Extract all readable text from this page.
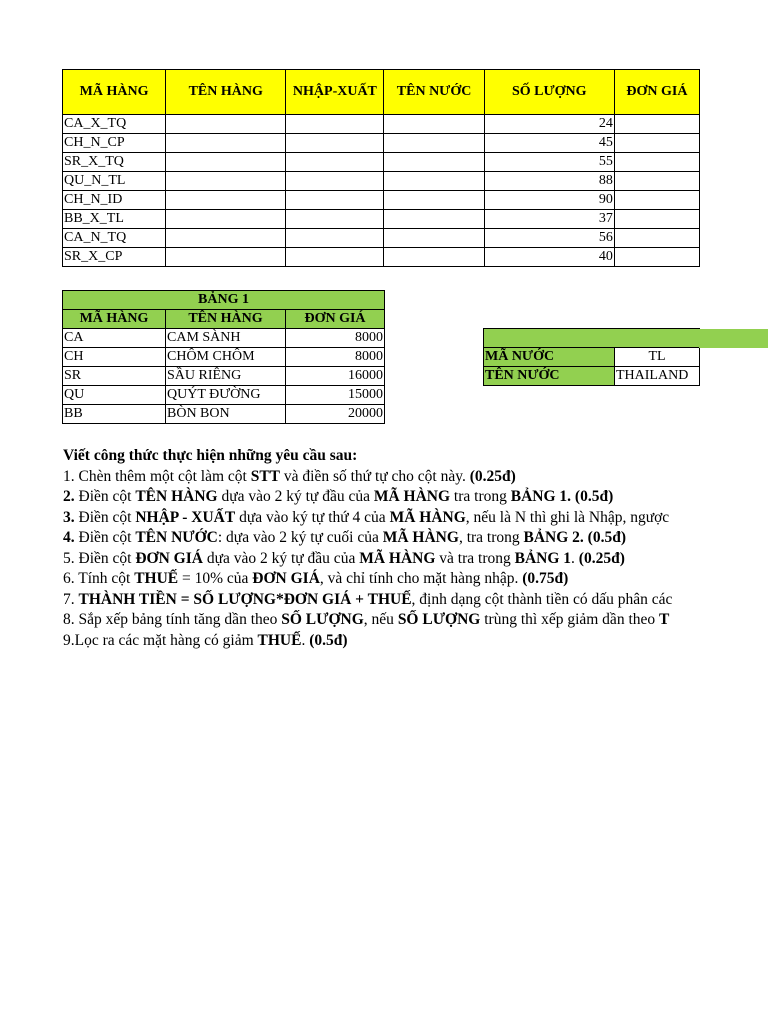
MÃ HÀNG	TÊN HÀNG	NHẬP-XUẤT	TÊN NƯỚC	SỐ LƯỢNG	ĐƠN GIÁ
CA_X_TQ				24	
CH_N_CP				45	
SR_X_TQ				55	
QU_N_TL				88	
CH_N_ID				90	
BB_X_TL				37	
CA_N_TQ				56	
SR_X_CP				40	
BẢNG 1		
MÃ HÀNG	TÊN HÀNG	ĐƠN GIÁ
CA	CAM SÀNH	8000
CH	CHÔM CHÔM	8000
SR	SẦU RIÊNG	16000
QU	QUÝT ĐƯỜNG	15000
BB	BÒN BON	20000

MÃ NƯỚC	TL
TÊN NƯỚC	THAILAND
Viết công thức thực hiện những yêu cầu sau:
1. Chèn thêm một cột làm cột STT và điền số thứ tự cho cột này. (0.25đ)
2. Điền cột TÊN HÀNG dựa vào 2 ký tự đầu của MÃ HÀNG tra trong BẢNG 1. (0.5đ)
3. Điền cột NHẬP - XUẤT dựa vào ký tự thứ 4 của MÃ HÀNG, nếu là N thì ghi là Nhập, ngược
4. Điền cột TÊN NƯỚC: dựa vào 2 ký tự cuối của MÃ HÀNG, tra trong BẢNG 2. (0.5đ)
5. Điền cột ĐƠN GIÁ dựa vào 2 ký tự đầu của MÃ HÀNG và tra trong BẢNG 1. (0.25đ)
6. Tính cột THUẾ = 10% của ĐƠN GIÁ, và chỉ tính cho mặt hàng nhập. (0.75đ)
7. THÀNH TIỀN = SỐ LƯỢNG*ĐƠN GIÁ + THUẾ, định dạng cột thành tiền có dấu phân các
8. Sắp xếp bảng tính tăng dần theo SỐ LƯỢNG, nếu SỐ LƯỢNG trùng thì xếp giảm dần theo T
9.Lọc ra các mặt hàng có giảm THUẾ. (0.5đ)
